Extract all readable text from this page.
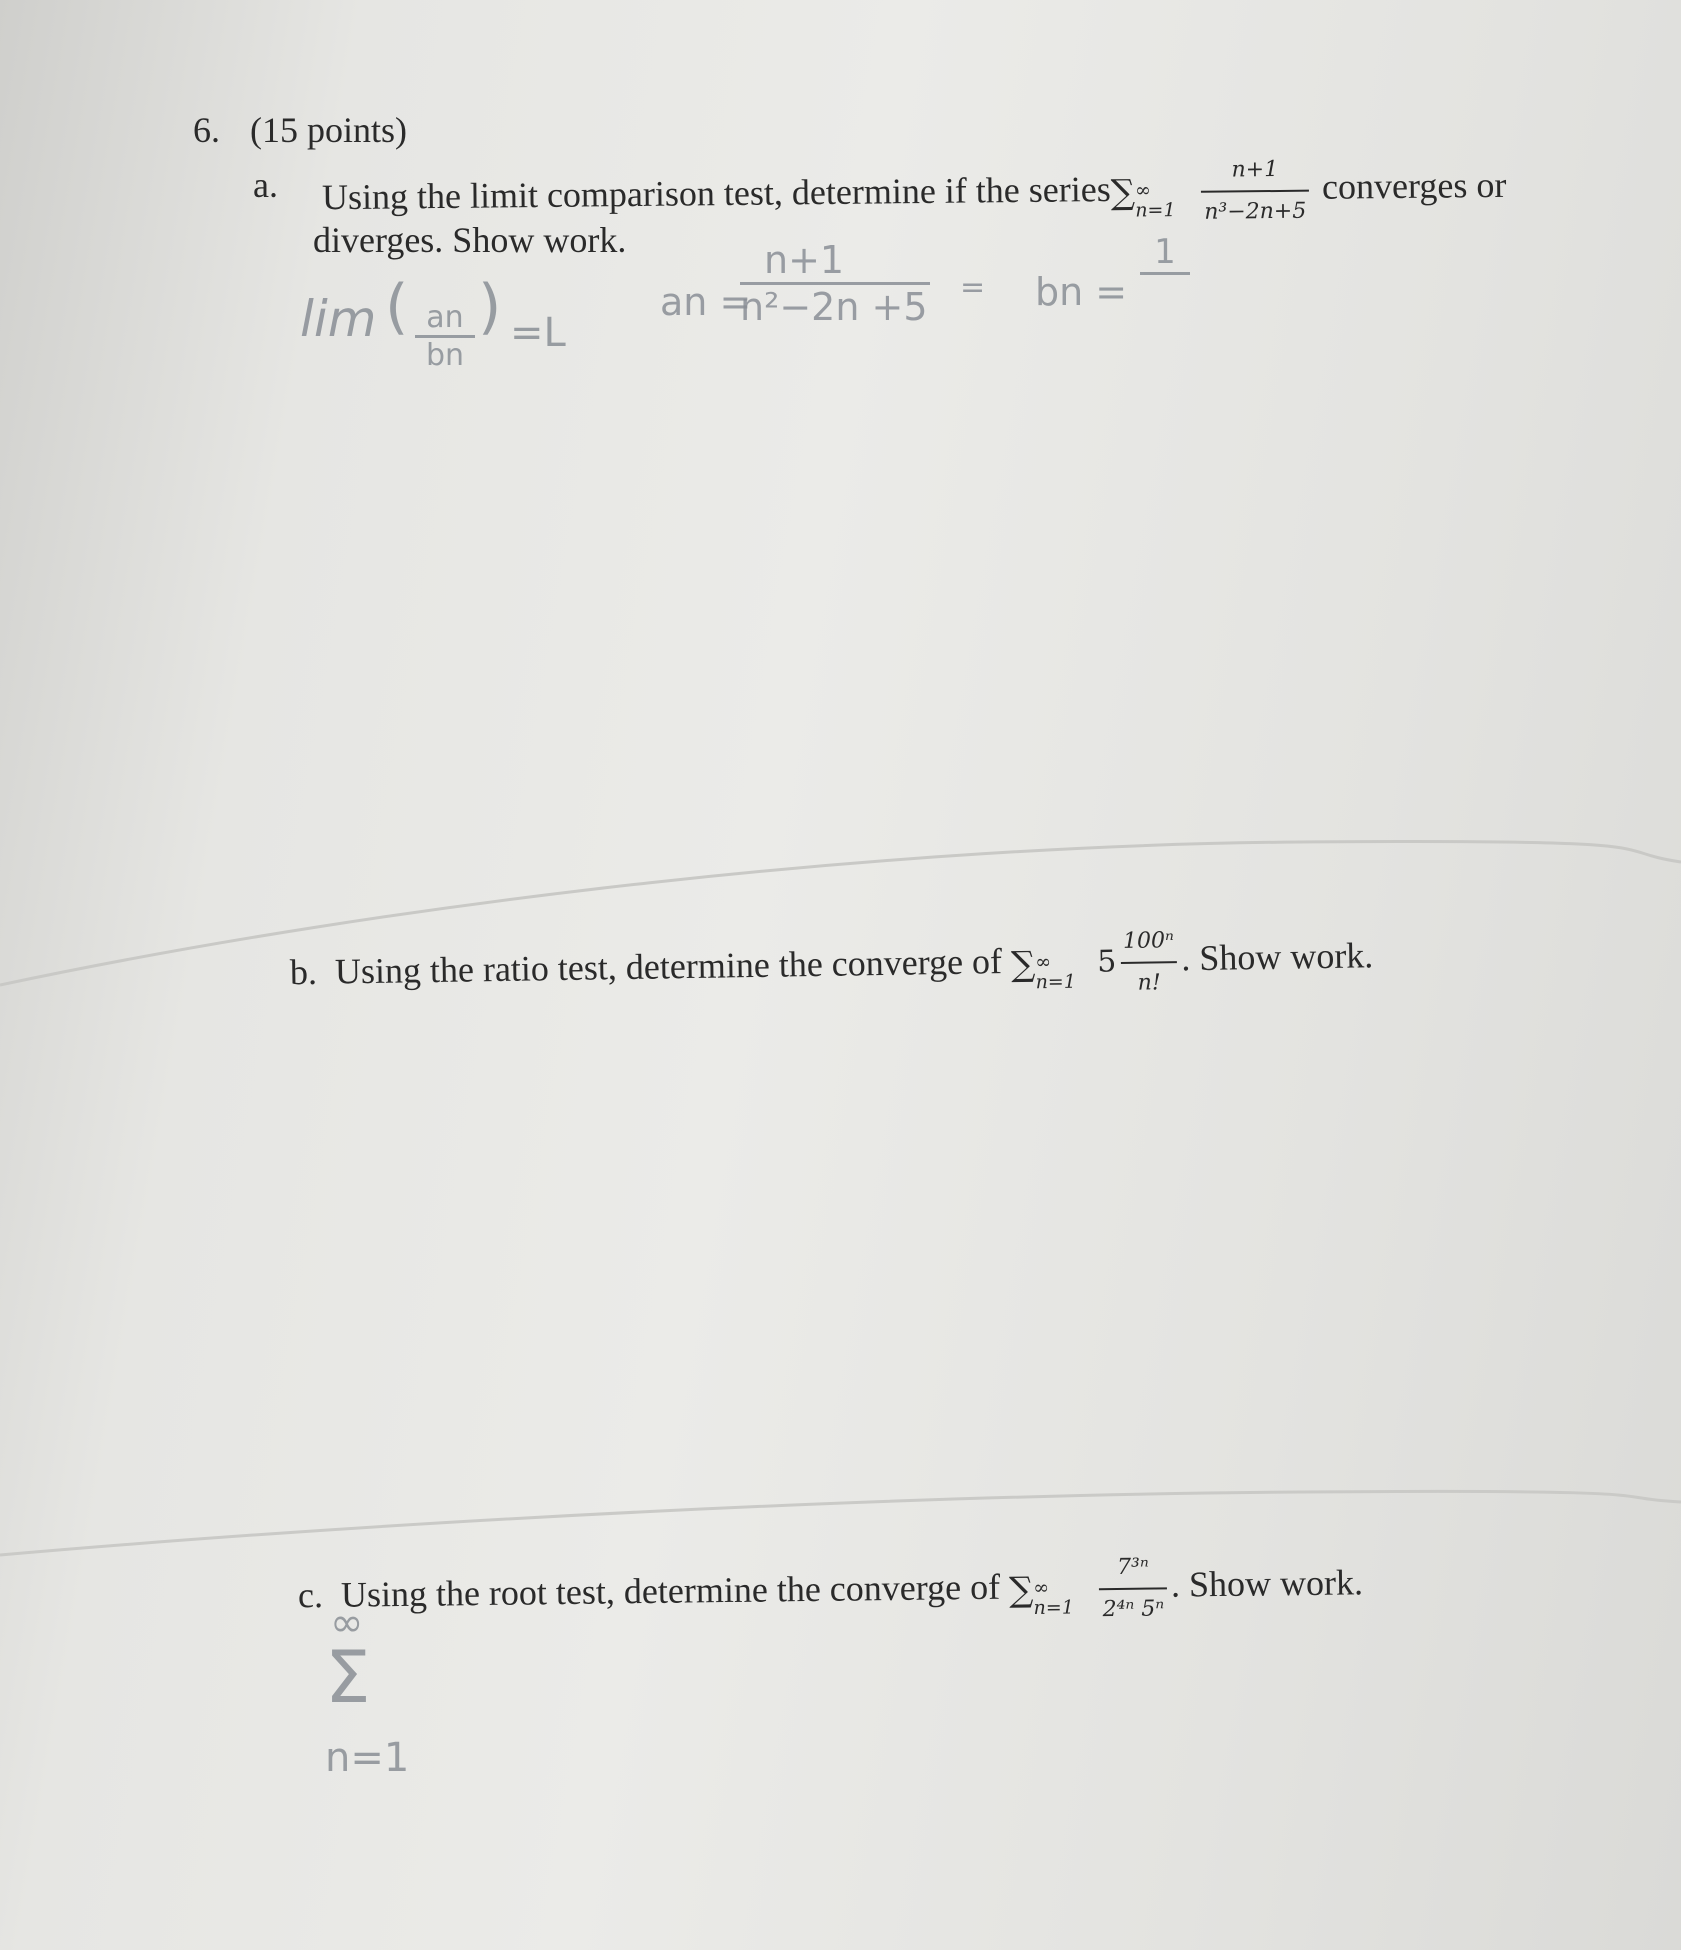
6. (15 points)
a. Using the limit comparison test, determine if the series∑ ∞
$n=1 \frac{n+1}{\text{n³−2n+5}}$ converges or
diverges. Show work.
lim ( $\frac{an}{bn}$ ) =L
an =
$\frac{n+1}{\text{n²−2n +5}}$ = bn =
1
b. Using the ratio test, determine the converge of ∑ ∞
n=1
$5 \frac{\text{100ⁿ}}{n!}$ . Show work.
c. Using the root test, determine the converge of ∑ ∞
$n=1 \frac{\text{7³ⁿ}}{\text{2⁴ⁿ 5ⁿ}}$ . Show work.
∞
Σ
n=1
